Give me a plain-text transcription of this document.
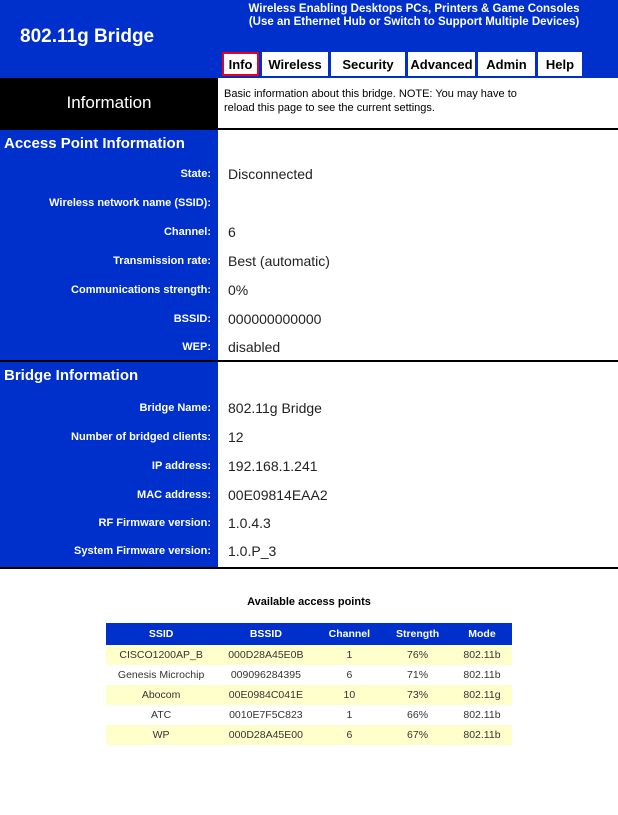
802.11g Bridge
Wireless Enabling Desktops PCs, Printers & Game Consoles
(Use an Ethernet Hub or Switch to Support Multiple Devices)
Info	Wireless	Security	Advanced	Admin	Help
Information	Basic information about this bridge. NOTE: You may have to
reload this page to see the current settings.
Access Point Information
State: Disconnected
Wireless network name (SSID):
Channel: 6
Transmission rate: Best (automatic)
Communications strength: 0%
BSSID: 000000000000
WEP: disabled
Bridge Information
Bridge Name: 802.11g Bridge
Number of bridged clients: 12
IP address: 192.168.1.241
MAC address: 00E09814EAA2
RF Firmware version: 1.0.4.3
System Firmware version: 1.0.P_3
Available access points
SSID	BSSID	Channel	Strength	Mode
CISCO1200AP_B	000D28A45E0B	1	76%	802.11b
Genesis Microchip	009096284395	6	71%	802.11b
Abocom	00E0984C041E	10	73%	802.11g
ATC	0010E7F5C823	1	66%	802.11b
WP	000D28A45E00	6	67%	802.11b
